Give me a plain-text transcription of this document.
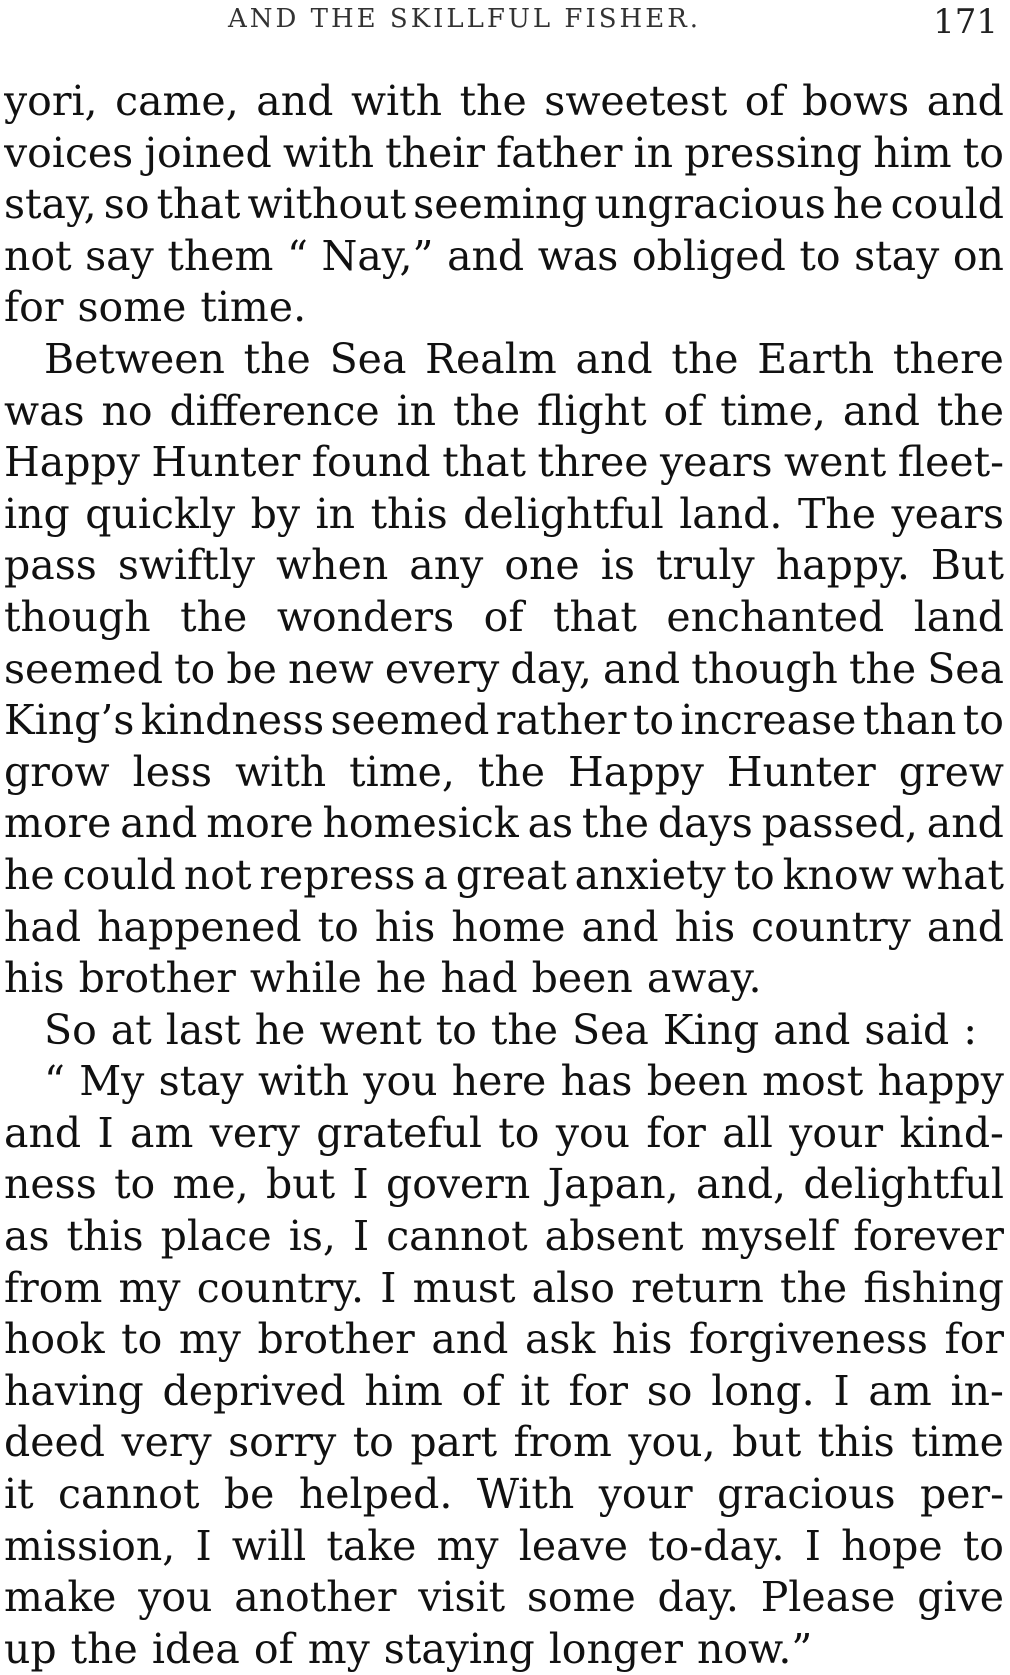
AND THE SKILLFUL FISHER.	171
yori, came, and with the sweetest of bows and
voices joined with their father in pressing him to
stay, so that without seeming ungracious he could
not say them “ Nay,” and was obliged to stay on
for some time.
Between the Sea Realm and the Earth there
was no difference in the flight of time, and the
Happy Hunter found that three years went fleet-
ing quickly by in this delightful land. The years
pass swiftly when any one is truly happy. But
though the wonders of that enchanted land
seemed to be new every day, and though the Sea
King’s kindness seemed rather to increase than to
grow less with time, the Happy Hunter grew
more and more homesick as the days passed, and
he could not repress a great anxiety to know what
had happened to his home and his country and
his brother while he had been away.
So at last he went to the Sea King and said :
“ My stay with you here has been most happy
and I am very grateful to you for all your kind-
ness to me, but I govern Japan, and, delightful
as this place is, I cannot absent myself forever
from my country. I must also return the fishing
hook to my brother and ask his forgiveness for
having deprived him of it for so long. I am in-
deed very sorry to part from you, but this time
it cannot be helped. With your gracious per-
mission, I will take my leave to-day. I hope to
make you another visit some day. Please give
up the idea of my staying longer now.”
